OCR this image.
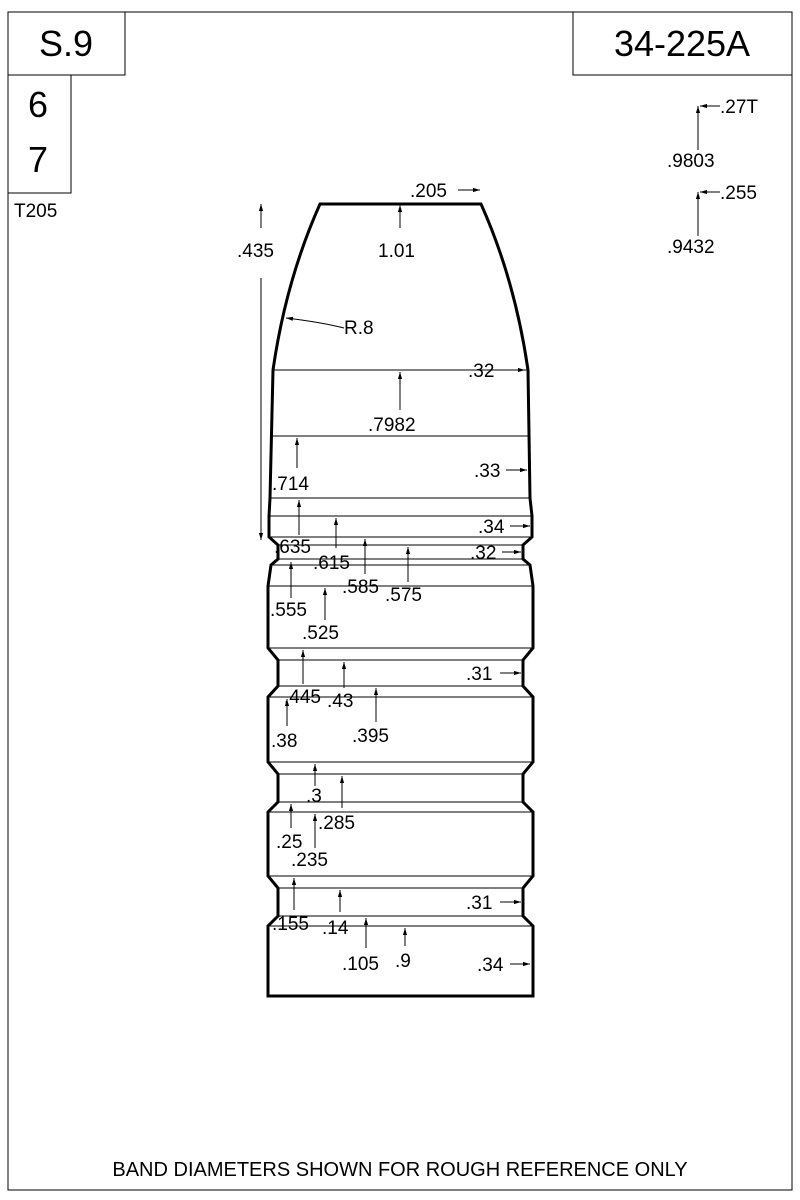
S.9	34-225A
6
7
T205
.27T
.9803
.255
.9432
.205
1.01
.435
R.8
.32
.7982
.33
.714
.34
.635
.615	.32
.585 .575
.555
.525
.31
.445 .43
.395
.38
.3
.285
.25
.235
.31
.155 .14
.105 .9	.34
BAND DIAMETERS SHOWN FOR ROUGH REFERENCE ONLY
